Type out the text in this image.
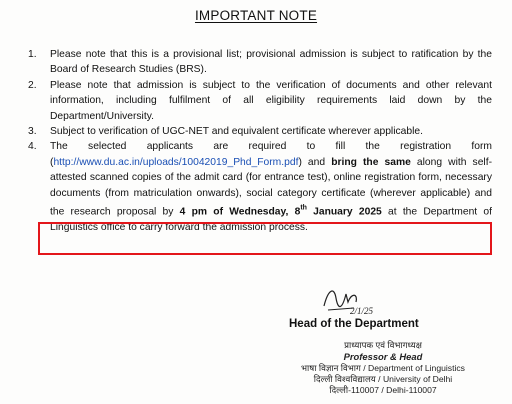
IMPORTANT NOTE
1. Please note that this is a provisional list; provisional admission is subject to ratification by the Board of Research Studies (BRS).
2. Please note that admission is subject to the verification of documents and other relevant information, including fulfilment of all eligibility requirements laid down by the Department/University.
3. Subject to verification of UGC-NET and equivalent certificate wherever applicable.
4. The selected applicants are required to fill the registration form (http://www.du.ac.in/uploads/10042019_Phd_Form.pdf) and bring the same along with self-attested scanned copies of the admit card (for entrance test), online registration form, necessary documents (from matriculation onwards), social category certificate (wherever applicable) and the research proposal by 4 pm of Wednesday, 8th January 2025 at the Department of Linguistics office to carry forward the admission process.
2/1/25
Head of the Department
प्राध्यापक एवं विभागध्यक्ष
Professor & Head
भाषा विज्ञान विभाग / Department of Linguistics
दिल्ली विश्वविद्यालय / University of Delhi
दिल्ली-110007 / Delhi-110007
